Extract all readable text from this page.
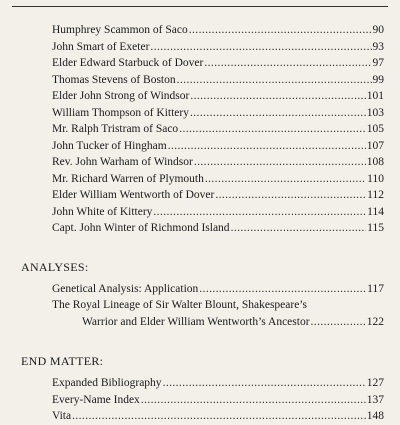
Humphrey Scammon of Saco .....	90
John Smart of Exeter .....	93
Elder Edward Starbuck of Dover .....	97
Thomas Stevens of Boston .....	99
Elder John Strong of Windsor .....	101
William Thompson of Kittery .....	103
Mr. Ralph Tristram of Saco .....	105
John Tucker of Hingham .....	107
Rev. John Warham of Windsor .....	108
Mr. Richard Warren of Plymouth .....	110
Elder William Wentworth of Dover .....	112
John White of Kittery .....	114
Capt. John Winter of Richmond Island .....	115
ANALYSES:
Genetical Analysis: Application .....	117
The Royal Lineage of Sir Walter Blount, Shakespeare’s
Warrior and Elder William Wentworth’s Ancestor .....	122
END MATTER:
Expanded Bibliography .....	127
Every-Name Index .....	137
Vita .....	148
